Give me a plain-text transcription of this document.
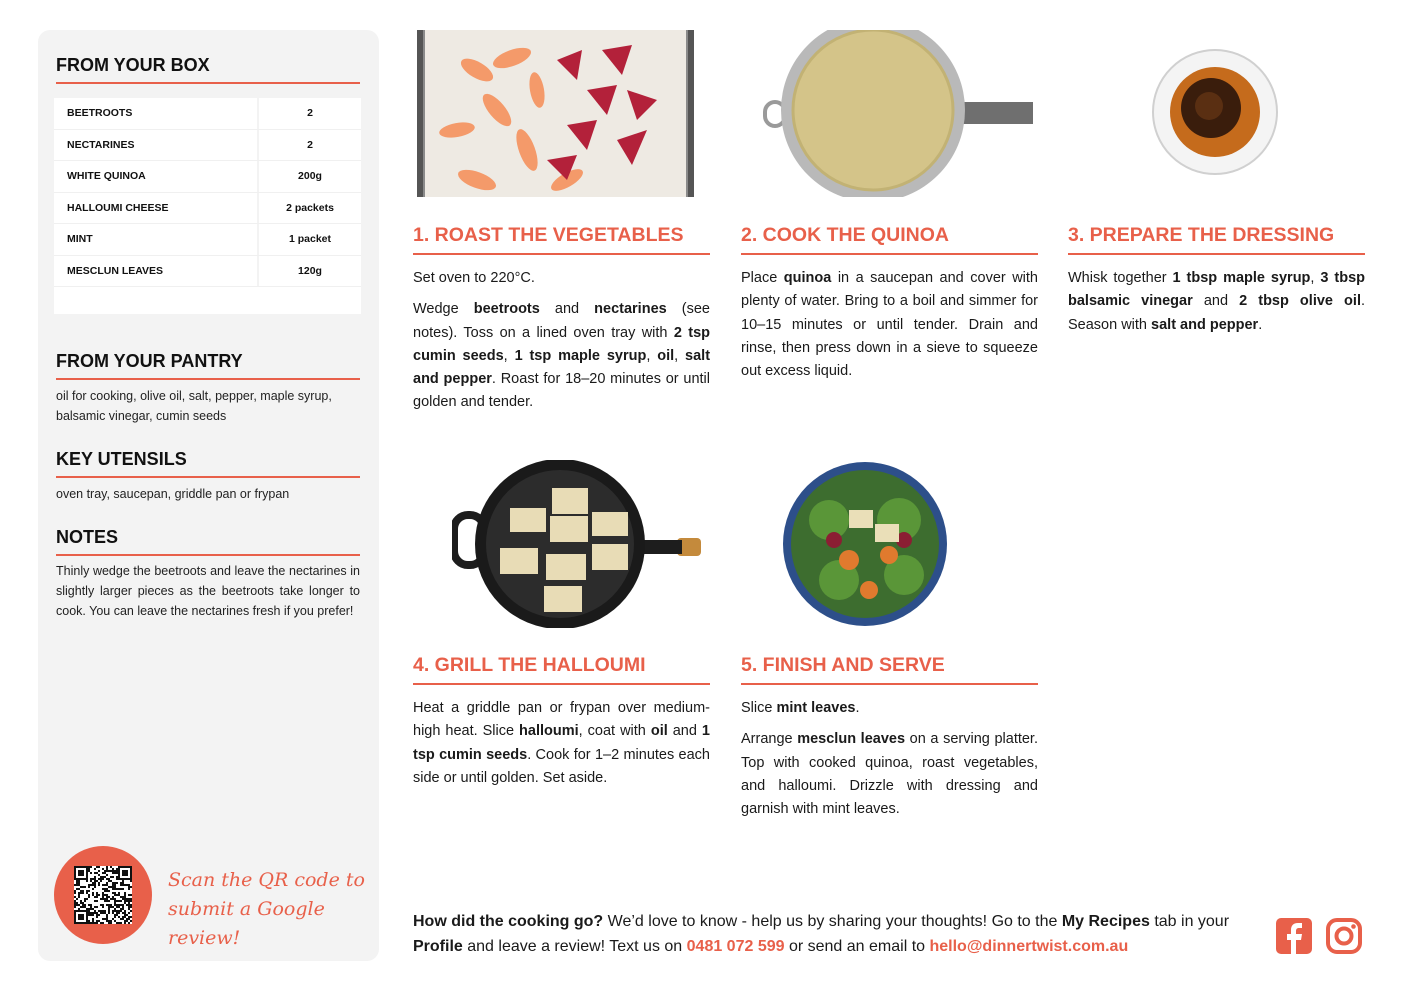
FROM YOUR BOX
BEETROOTS	2
NECTARINES	2
WHITE QUINOA	200g
HALLOUMI CHEESE	2 packets
MINT	1 packet
MESCLUN LEAVES	120g
FROM YOUR PANTRY

oil for cooking, olive oil, salt, pepper, maple syrup, balsamic vinegar, cumin seeds

KEY UTENSILS

oven tray, saucepan, griddle pan or frypan

NOTES

Thinly wedge the beetroots and leave the nectarines in slightly larger pieces as the beetroots take longer to cook. You can leave the nectarines fresh if you prefer!

Scan the QR code to
submit a Google review!
1. ROAST THE VEGETABLES

Set oven to 220°C.

Wedge beetroots and nectarines (see notes). Toss on a lined oven tray with 2 tsp cumin seeds, 1 tsp maple syrup, oil, salt and pepper. Roast for 18–20 minutes or until golden and tender.

2. COOK THE QUINOA

Place quinoa in a saucepan and cover with plenty of water. Bring to a boil and simmer for 10–15 minutes or until tender. Drain and rinse, then press down in a sieve to squeeze out excess liquid.

3. PREPARE THE DRESSING

Whisk together 1 tbsp maple syrup, 3 tbsp balsamic vinegar and 2 tbsp olive oil. Season with salt and pepper.

4. GRILL THE HALLOUMI

Heat a griddle pan or frypan over medium-high heat. Slice halloumi, coat with oil and 1 tsp cumin seeds. Cook for 1–2 minutes each side or until golden. Set aside.

5. FINISH AND SERVE

Slice mint leaves.

Arrange mesclun leaves on a serving platter. Top with cooked quinoa, roast vegetables, and halloumi. Drizzle with dressing and garnish with mint leaves.

How did the cooking go? We’d love to know - help us by sharing your thoughts! Go to the My Recipes tab in your Profile and leave a review! Text us on 0481 072 599 or send an email to hello@dinnertwist.com.au
